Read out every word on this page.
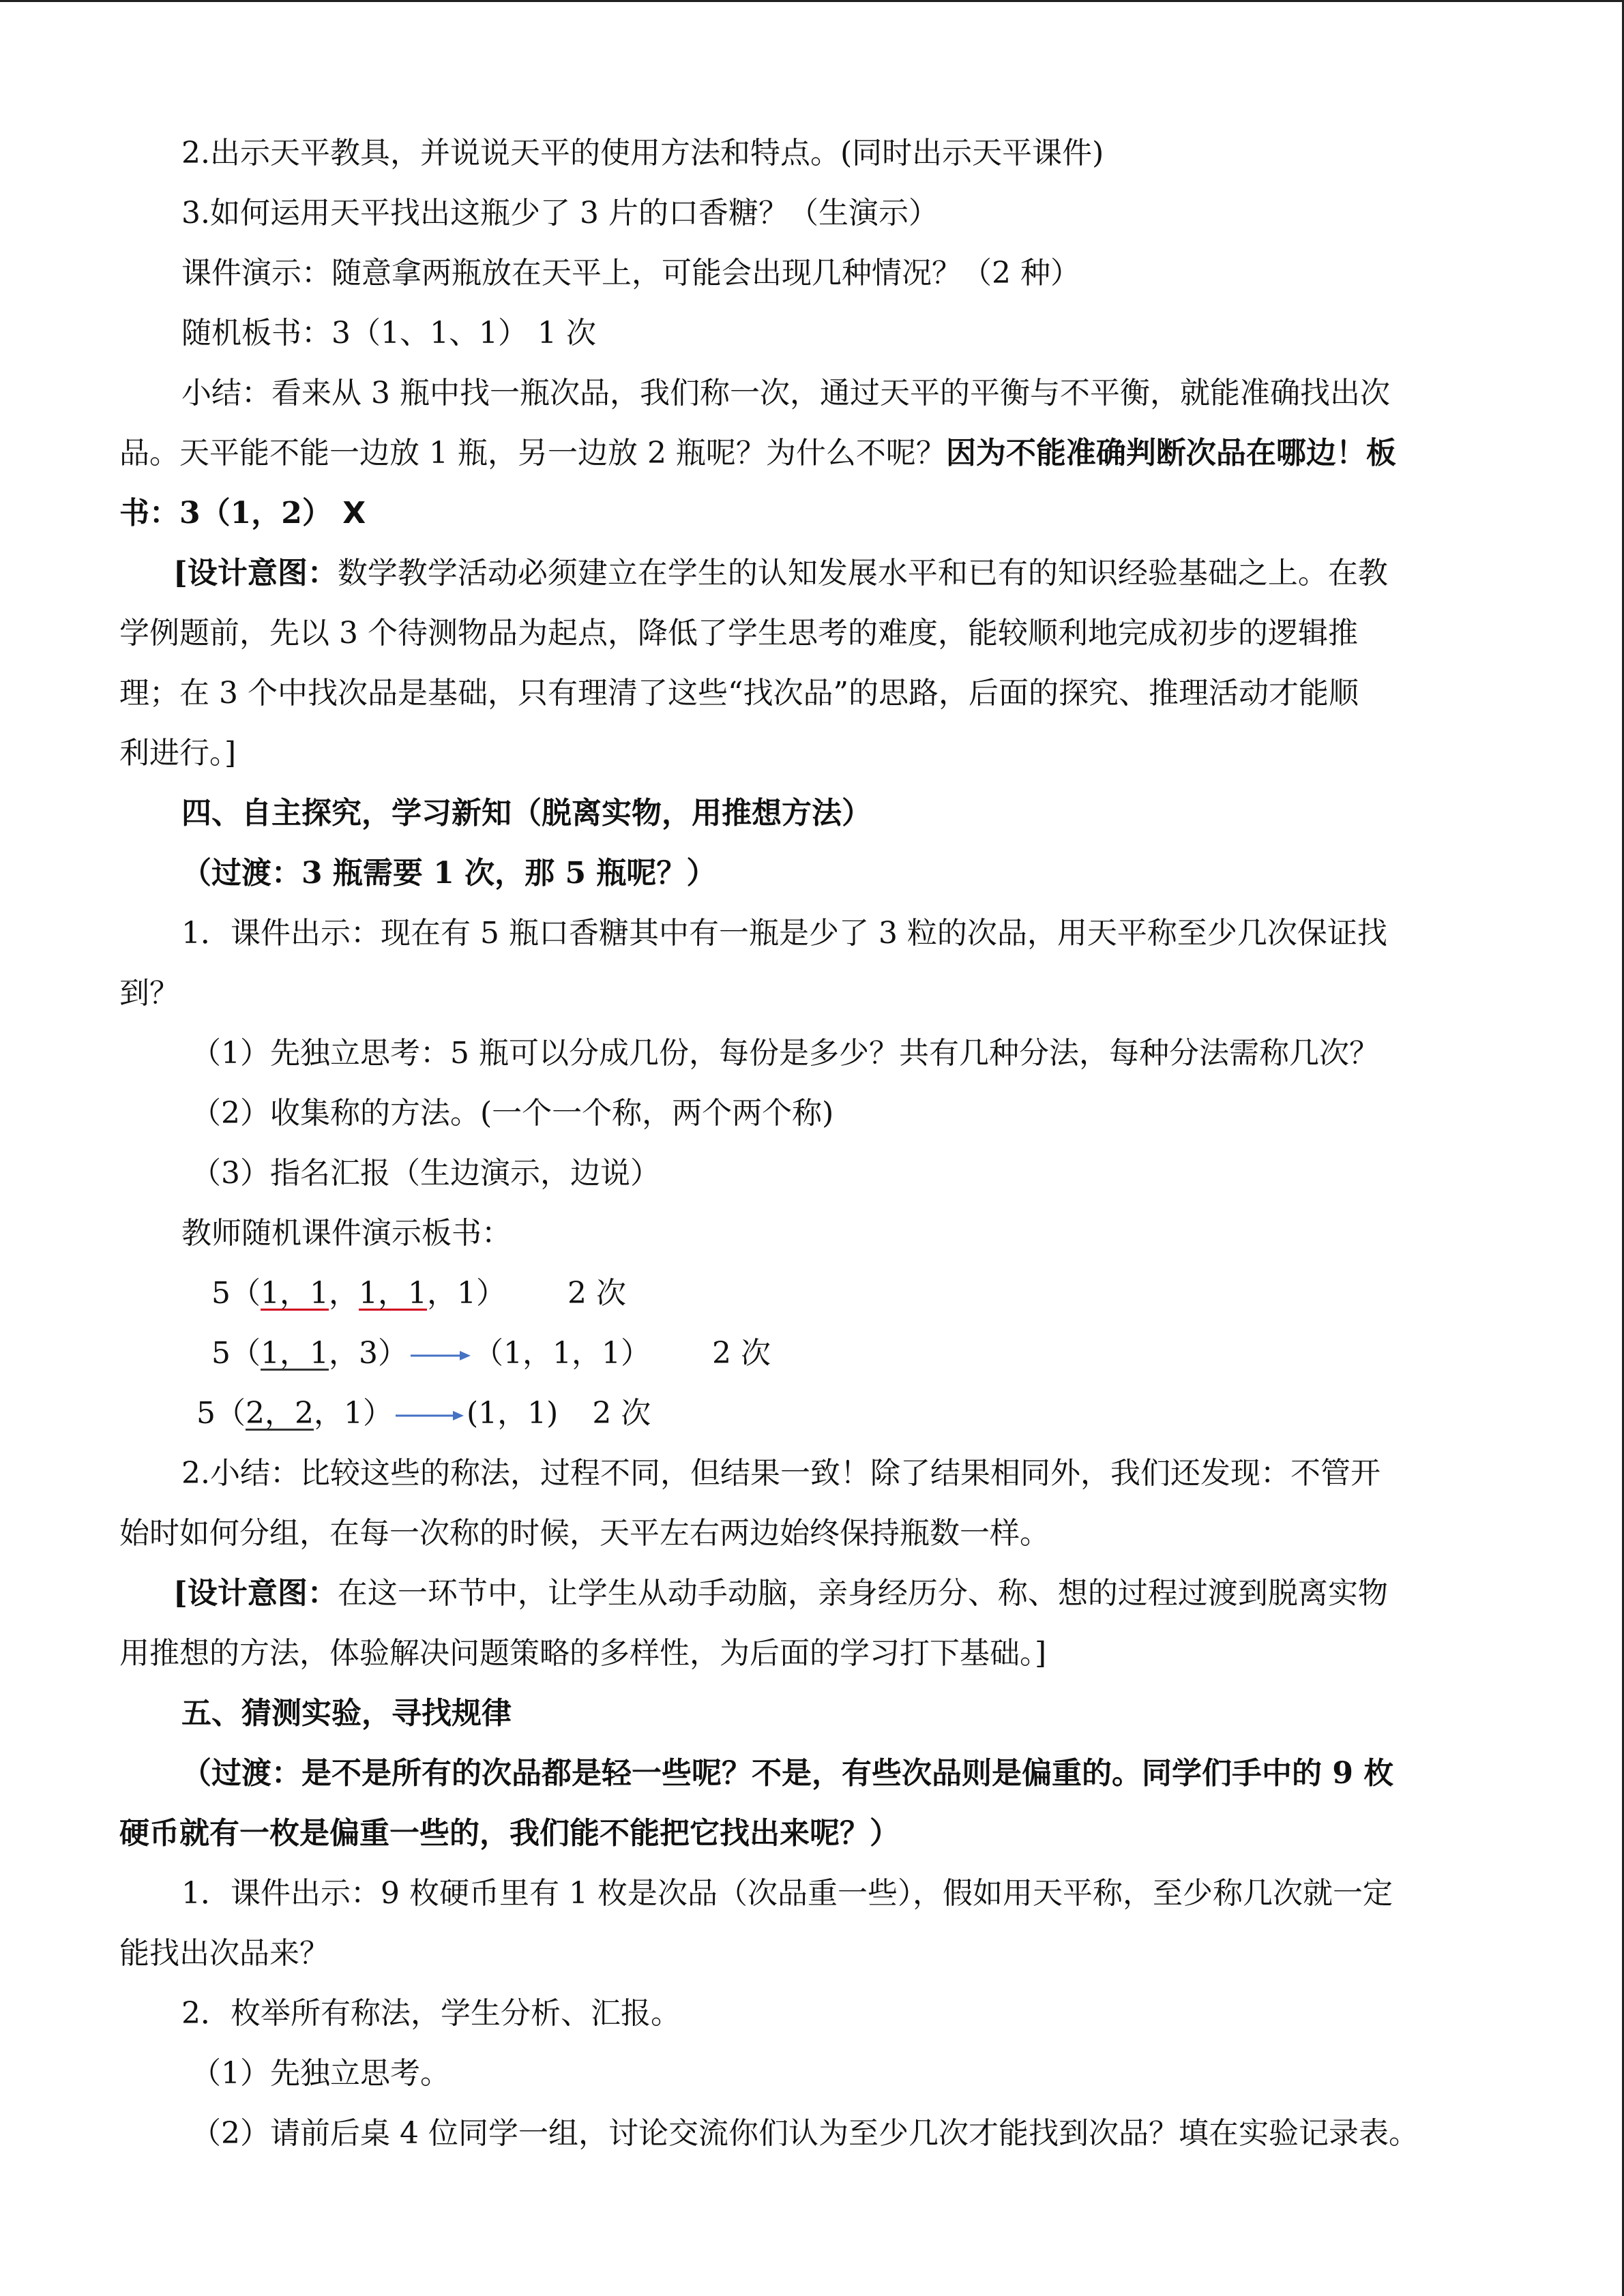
2.出示天平教具，并说说天平的使用方法和特点。(同时出示天平课件)
3.如何运用天平找出这瓶少了 3 片的口香糖？（生演示）
课件演示：随意拿两瓶放在天平上，可能会出现几种情况？（2 种）
随机板书：3（1、1、1） 1 次
小结：看来从 3 瓶中找一瓶次品，我们称一次，通过天平的平衡与不平衡，就能准确找出次
品。天平能不能一边放 1 瓶，另一边放 2 瓶呢？为什么不呢？因为不能准确判断次品在哪边！板
书：3（1，2） X
[设计意图：数学教学活动必须建立在学生的认知发展水平和已有的知识经验基础之上。在教
学例题前，先以 3 个待测物品为起点，降低了学生思考的难度，能较顺利地完成初步的逻辑推
理；在 3 个中找次品是基础，只有理清了这些“找次品”的思路，后面的探究、推理活动才能顺
利进行。]
四、自主探究，学习新知（脱离实物，用推想方法）
（过渡：3 瓶需要 1 次，那 5 瓶呢？）
1．课件出示：现在有 5 瓶口香糖其中有一瓶是少了 3 粒的次品，用天平称至少几次保证找
到？
（1）先独立思考：5 瓶可以分成几份，每份是多少？共有几种分法，每种分法需称几次？
（2）收集称的方法。(一个一个称，两个两个称)
（3）指名汇报（生边演示，边说）
教师随机课件演示板书：
5（1，1，1，1，1） 2 次
5（1，1，3） （1，1，1） 2 次
5（2，2，1） (1，1) 2 次
2.小结：比较这些的称法，过程不同，但结果一致！除了结果相同外，我们还发现：不管开
始时如何分组，在每一次称的时候，天平左右两边始终保持瓶数一样。
[设计意图：在这一环节中，让学生从动手动脑，亲身经历分、称、想的过程过渡到脱离实物
用推想的方法，体验解决问题策略的多样性，为后面的学习打下基础。]
五、猜测实验，寻找规律
（过渡：是不是所有的次品都是轻一些呢？不是，有些次品则是偏重的。同学们手中的 9 枚
硬币就有一枚是偏重一些的，我们能不能把它找出来呢？）
1．课件出示：9 枚硬币里有 1 枚是次品（次品重一些），假如用天平称，至少称几次就一定
能找出次品来？
2．枚举所有称法，学生分析、汇报。
（1）先独立思考。
（2）请前后桌 4 位同学一组，讨论交流你们认为至少几次才能找到次品？填在实验记录表。
